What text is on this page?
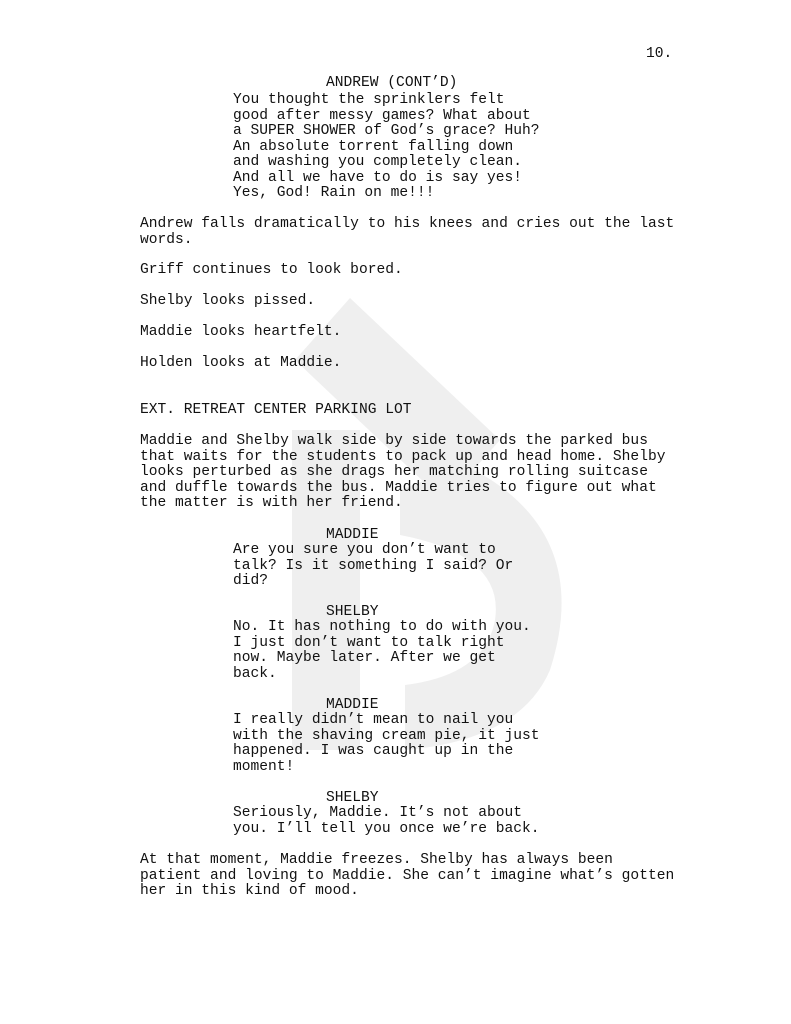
10.
ANDREW (CONT’D)
You thought the sprinklers felt
good after messy games? What about
a SUPER SHOWER of God’s grace? Huh?
An absolute torrent falling down
and washing you completely clean.
And all we have to do is say yes!
Yes, God! Rain on me!!!
Andrew falls dramatically to his knees and cries out the last
words.
Griff continues to look bored.
Shelby looks pissed.
Maddie looks heartfelt.
Holden looks at Maddie.
EXT. RETREAT CENTER PARKING LOT
Maddie and Shelby walk side by side towards the parked bus
that waits for the students to pack up and head home. Shelby
looks perturbed as she drags her matching rolling suitcase
and duffle towards the bus. Maddie tries to figure out what
the matter is with her friend.
MADDIE
Are you sure you don’t want to
talk? Is it something I said? Or
did?
SHELBY
No. It has nothing to do with you.
I just don’t want to talk right
now. Maybe later. After we get
back.
MADDIE
I really didn’t mean to nail you
with the shaving cream pie, it just
happened. I was caught up in the
moment!
SHELBY
Seriously, Maddie. It’s not about
you. I’ll tell you once we’re back.
At that moment, Maddie freezes. Shelby has always been
patient and loving to Maddie. She can’t imagine what’s gotten
her in this kind of mood.
